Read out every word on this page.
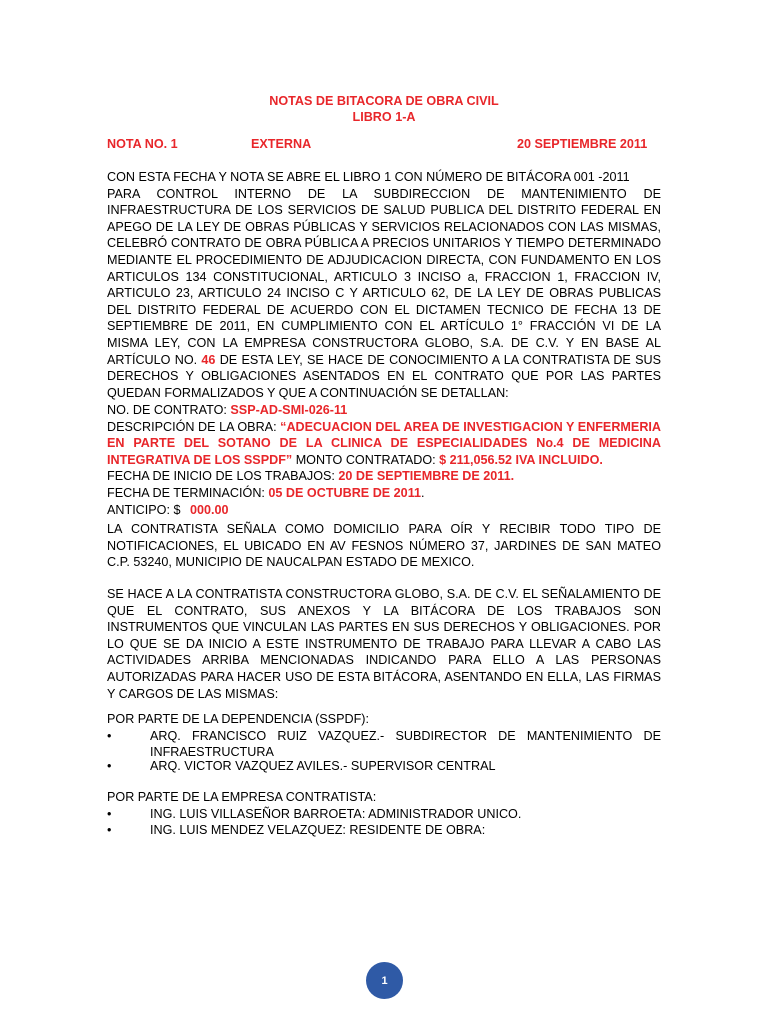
NOTAS DE BITACORA DE OBRA CIVIL
LIBRO 1-A
NOTA NO. 1	EXTERNA	20 SEPTIEMBRE 2011
CON ESTA FECHA Y NOTA SE ABRE EL LIBRO 1 CON NÚMERO DE BITÁCORA 001 -2011
PARA CONTROL INTERNO DE LA SUBDIRECCION DE MANTENIMIENTO DE INFRAESTRUCTURA DE LOS SERVICIOS DE SALUD PUBLICA DEL DISTRITO FEDERAL EN APEGO DE LA LEY DE OBRAS PÚBLICAS Y SERVICIOS RELACIONADOS CON LAS MISMAS, CELEBRÓ CONTRATO DE OBRA PÚBLICA A PRECIOS UNITARIOS Y TIEMPO DETERMINADO MEDIANTE EL PROCEDIMIENTO DE ADJUDICACION DIRECTA, CON FUNDAMENTO EN LOS ARTICULOS 134 CONSTITUCIONAL, ARTICULO 3 INCISO a, FRACCION 1, FRACCION IV, ARTICULO 23, ARTICULO 24 INCISO C Y ARTICULO 62, DE LA LEY DE OBRAS PUBLICAS DEL DISTRITO FEDERAL DE ACUERDO CON EL DICTAMEN TECNICO DE FECHA 13 DE SEPTIEMBRE DE 2011, EN CUMPLIMIENTO CON EL ARTÍCULO 1° FRACCIÓN VI DE LA MISMA LEY, CON LA EMPRESA CONSTRUCTORA GLOBO, S.A. DE C.V. Y EN BASE AL ARTÍCULO NO. 46 DE ESTA LEY, SE HACE DE CONOCIMIENTO A LA CONTRATISTA DE SUS DERECHOS Y OBLIGACIONES ASENTADOS EN EL CONTRATO QUE POR LAS PARTES QUEDAN FORMALIZADOS Y QUE A CONTINUACIÓN SE DETALLAN:
NO. DE CONTRATO: SSP-AD-SMI-026-11
DESCRIPCIÓN DE LA OBRA: “ADECUACION DEL AREA DE INVESTIGACION Y ENFERMERIA EN PARTE DEL SOTANO DE LA CLINICA DE ESPECIALIDADES No.4 DE MEDICINA INTEGRATIVA DE LOS SSPDF” MONTO CONTRATADO: $ 211,056.52 IVA INCLUIDO.
FECHA DE INICIO DE LOS TRABAJOS: 20 DE SEPTIEMBRE DE 2011.
FECHA DE TERMINACIÓN: 05 DE OCTUBRE DE 2011.
ANTICIPO: $ 000.00
LA CONTRATISTA SEÑALA COMO DOMICILIO PARA OÍR Y RECIBIR TODO TIPO DE NOTIFICACIONES, EL UBICADO EN AV FESNOS NÚMERO 37, JARDINES DE SAN MATEO C.P. 53240, MUNICIPIO DE NAUCALPAN ESTADO DE MEXICO.
SE HACE A LA CONTRATISTA CONSTRUCTORA GLOBO, S.A. DE C.V. EL SEÑALAMIENTO DE QUE EL CONTRATO, SUS ANEXOS Y LA BITÁCORA DE LOS TRABAJOS SON INSTRUMENTOS QUE VINCULAN LAS PARTES EN SUS DERECHOS Y OBLIGACIONES. POR LO QUE SE DA INICIO A ESTE INSTRUMENTO DE TRABAJO PARA LLEVAR A CABO LAS ACTIVIDADES ARRIBA MENCIONADAS INDICANDO PARA ELLO A LAS PERSONAS AUTORIZADAS PARA HACER USO DE ESTA BITÁCORA, ASENTANDO EN ELLA, LAS FIRMAS Y CARGOS DE LAS MISMAS:
POR PARTE DE LA DEPENDENCIA (SSPDF):
•	ARQ. FRANCISCO RUIZ VAZQUEZ.- SUBDIRECTOR DE MANTENIMIENTO DE INFRAESTRUCTURA
•	ARQ. VICTOR VAZQUEZ AVILES.- SUPERVISOR CENTRAL
POR PARTE DE LA EMPRESA CONTRATISTA:
•	ING. LUIS VILLASEÑOR BARROETA: ADMINISTRADOR UNICO.
•	ING. LUIS MENDEZ VELAZQUEZ: RESIDENTE DE OBRA:
1
